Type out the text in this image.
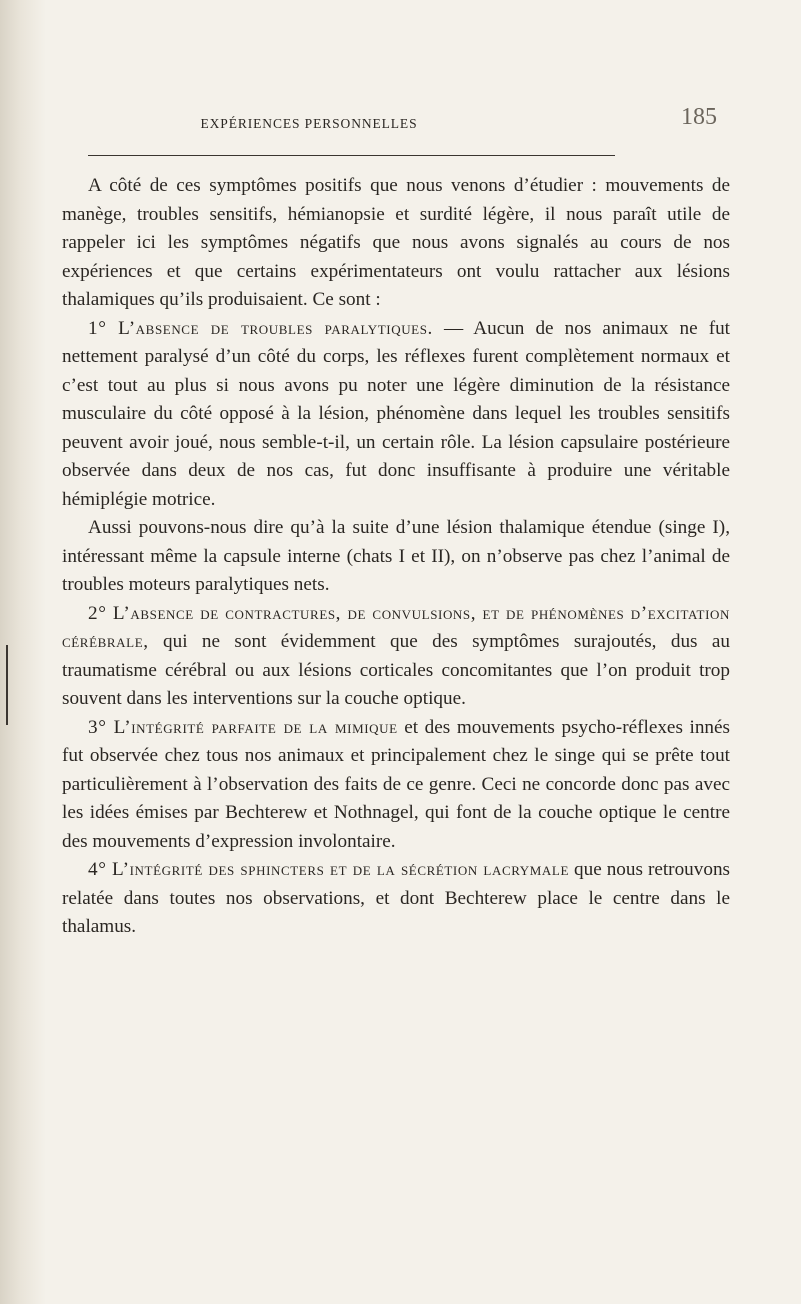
EXPÉRIENCES PERSONNELLES	185

A côté de ces symptômes positifs que nous venons d’étudier : mouvements de manège, troubles sensitifs, hémianopsie et surdité légère, il nous paraît utile de rappeler ici les symptômes négatifs que nous avons signalés au cours de nos expériences et que certains expérimentateurs ont voulu rattacher aux lésions thalamiques qu’ils produisaient. Ce sont :

1° L’absence de troubles paralytiques. — Aucun de nos animaux ne fut nettement paralysé d’un côté du corps, les réflexes furent complètement normaux et c’est tout au plus si nous avons pu noter une légère diminution de la résistance musculaire du côté opposé à la lésion, phénomène dans lequel les troubles sensitifs peuvent avoir joué, nous semble-t-il, un certain rôle. La lésion capsulaire postérieure observée dans deux de nos cas, fut donc insuffisante à produire une véritable hémiplégie motrice.

Aussi pouvons-nous dire qu’à la suite d’une lésion thalamique étendue (singe I), intéressant même la capsule interne (chats I et II), on n’observe pas chez l’animal de troubles moteurs paralytiques nets.

2° L’absence de contractures, de convulsions, et de phénomènes d’excitation cérébrale, qui ne sont évidemment que des symptômes surajoutés, dus au traumatisme cérébral ou aux lésions corticales concomitantes que l’on produit trop souvent dans les interventions sur la couche optique.

3° L’intégrité parfaite de la mimique et des mouvements psycho-réflexes innés fut observée chez tous nos animaux et principalement chez le singe qui se prête tout particulièrement à l’observation des faits de ce genre. Ceci ne concorde donc pas avec les idées émises par Bechterew et Nothnagel, qui font de la couche optique le centre des mouvements d’expression involontaire.

4° L’intégrité des sphincters et de la sécrétion lacrymale que nous retrouvons relatée dans toutes nos observations, et dont Bechterew place le centre dans le thalamus.
